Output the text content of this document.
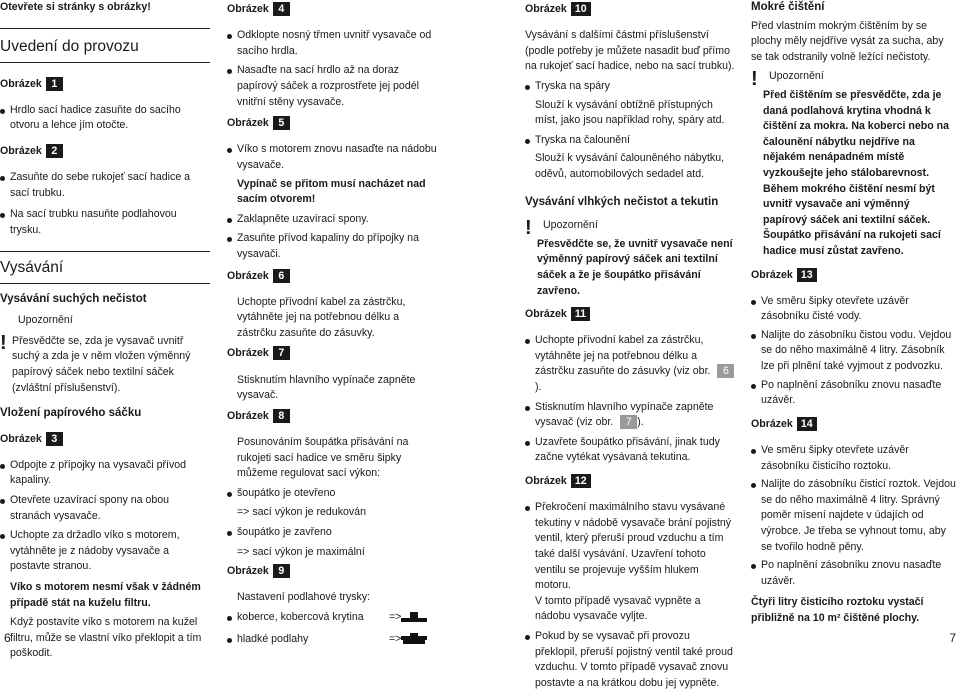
Otevřete si stránky s obrázky!

Uvedení do provozu

Obrázek 1

Hrdlo sací hadice zasuňte do sacího otvoru a lehce jím otočte.

Obrázek 2

Zasuňte do sebe rukojeť sací hadice a sací trubku.
Na sací trubku nasuňte podlahovou trysku.

Vysávání

Vysávání suchých nečistot

!

Upozornění

Přesvědčte se, zda je vysavač uvnitř suchý a zda je v něm vložen výměnný papírový sáček nebo textilní sáček (zvláštní příslušenství).

Vložení papírového sáčku

Obrázek 3

Odpojte z přípojky na vysavači přívod kapaliny.
Otevřete uzavírací spony na obou stranách vysavače.
Uchopte za držadlo víko s motorem, vytáhněte je z nádoby vysavače a postavte stranou.

Víko s motorem nesmí však v žádném případě stát na kuželu filtru.

Když postavíte víko s motorem na kužel filtru, může se vlastní víko překlopit a tím poškodit.

6

Obrázek 4

Odklopte nosný třmen uvnitř vysavače od sacího hrdla.
Nasaďte na sací hrdlo až na doraz papírový sáček a rozprostřete jej podél vnitřní stěny vysavače.

Obrázek 5

Víko s motorem znovu nasaďte na nádobu vysavače.

Vypínač se přitom musí nacházet nad sacím otvorem!

Zaklapněte uzavírací spony.
Zasuňte přívod kapaliny do přípojky na vysavači.

Obrázek 6

Uchopte přívodní kabel za zástrčku, vytáhněte jej na potřebnou délku a zástrčku zasuňte do zásuvky.

Obrázek 7

Stisknutím hlavního vypínače zapněte vysavač.

Obrázek 8

Posunováním šoupátka přisávání na rukojeti sací hadice ve směru šipky můžeme regulovat sací výkon:

šoupátko je otevřeno

=> sací výkon je redukován

šoupátko je zavřeno

=> sací výkon je maximální

Obrázek 9

Nastavení podlahové trysky:

koberce, kobercová krytina =>
hladké podlahy	=>

Obrázek 10

Vysávání s dalšími částmi příslušenství (podle potřeby je můžete nasadit buď přímo na rukojeť sací hadice, nebo na sací trubku).

Tryska na spáry

Slouží k vysávání obtížně přístupných míst, jako jsou například rohy, spáry atd.

Tryska na čalounění

Slouží k vysávání čalouněného nábytku, oděvů, automobilových sedadel atd.

Vysávání vlhkých nečistot a tekutin

! Upozornění

Přesvědčte se, že uvnitř vysavače není výměnný papírový sáček ani textilní sáček a že je šoupátko přisávání zavřeno.

Obrázek 11

Uchopte přívodní kabel za zástrčku, vytáhněte jej na potřebnou délku a zástrčku zasuňte do zásuvky (viz obr. 6).
Stisknutím hlavního vypínače zapněte vysavač (viz obr. 7 ).
Uzavřete šoupátko přisávání, jinak tudy začne vytékat vysávaná tekutina.

Obrázek 12

Překročení maximálního stavu vysávané tekutiny v nádobě vysavače brání pojistný ventil, který přeruší proud vzduchu a tím také další vysávání. Uzavření tohoto ventilu se projevuje vyšším hlukem motoru.

V tomto případě vysavač vypněte a nádobu vysavače vyljte.

Pokud by se vysavač při provozu překlopil, přeruší pojistný ventil také proud vzduchu. V tomto případě vysavač znovu postavte a na krátkou dobu jej vypněte.

Mokré čištění

Před vlastním mokrým čištěním by se plochy měly nejdříve vysát za sucha, aby se tak odstranily volně ležící nečistoty.

! Upozornění

Před čištěním se přesvědčte, zda je daná podlahová krytina vhodná k čištění za mokra. Na koberci nebo na čalounění nábytku nejdříve na nějakém nenápadném místě vyzkoušejte jeho stálobarevnost. Během mokrého čištění nesmí být uvnitř vysavače ani výměnný papírový sáček ani textilní sáček. Šoupátko přisávání na rukojeti sací hadice musí zůstat zavřeno.

Obrázek 13

Ve směru šipky otevřete uzávěr zásobníku čisté vody.
Nalijte do zásobníku čistou vodu. Vejdou se do něho maximálně 4 litry. Zásobník lze při plnění také vyjmout z podvozku.
Po naplnění zásobníku znovu nasaďte uzávěr.

Obrázek 14

Ve směru šipky otevřete uzávěr zásobníku čisticího roztoku.
Nalijte do zásobníku čisticí roztok. Vejdou se do něho maximálně 4 litry. Správný poměr mísení najdete v údajích od výrobce. Je třeba se vyhnout tomu, aby se tvořilo hodně pěny.
Po naplnění zásobníku znovu nasaďte uzávěr.

Čtyři litry čisticího roztoku vystačí přibližně na 10 m² čištěné plochy.

7
